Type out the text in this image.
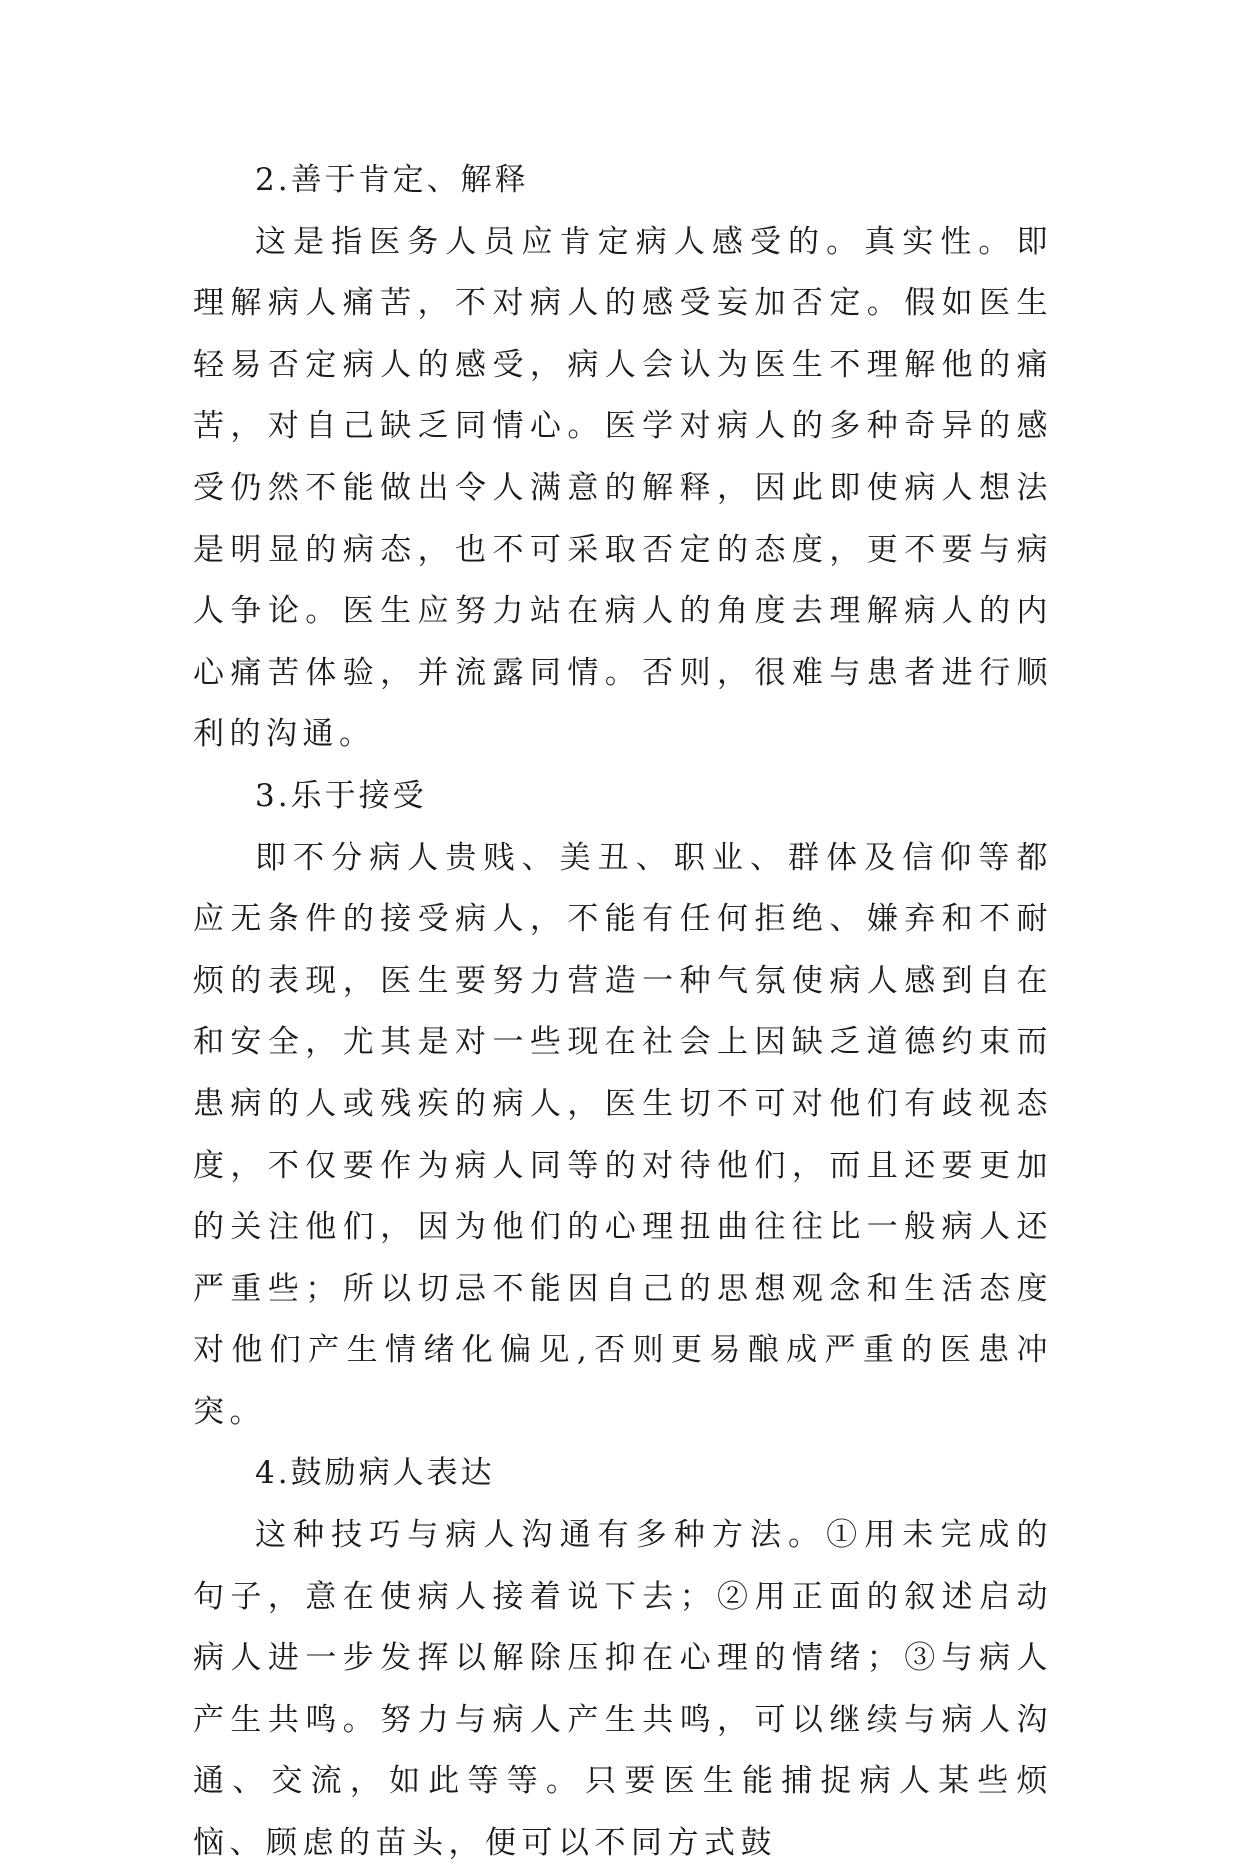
2.善于肯定、解释

这是指医务人员应肯定病人感受的。真实性。即理解病人痛苦，不对病人的感受妄加否定。假如医生轻易否定病人的感受，病人会认为医生不理解他的痛苦，对自己缺乏同情心。医学对病人的多种奇异的感受仍然不能做出令人满意的解释，因此即使病人想法是明显的病态，也不可采取否定的态度，更不要与病人争论。医生应努力站在病人的角度去理解病人的内心痛苦体验，并流露同情。否则，很难与患者进行顺利的沟通。

3.乐于接受

即不分病人贵贱、美丑、职业、群体及信仰等都应无条件的接受病人，不能有任何拒绝、嫌弃和不耐烦的表现，医生要努力营造一种气氛使病人感到自在和安全，尤其是对一些现在社会上因缺乏道德约束而患病的人或残疾的病人，医生切不可对他们有歧视态度，不仅要作为病人同等的对待他们，而且还要更加的关注他们，因为他们的心理扭曲往往比一般病人还严重些；所以切忌不能因自己的思想观念和生活态度对他们产生情绪化偏见,否则更易酿成严重的医患冲突。

4.鼓励病人表达

这种技巧与病人沟通有多种方法。①用未完成的句子，意在使病人接着说下去；②用正面的叙述启动病人进一步发挥以解除压抑在心理的情绪；③与病人产生共鸣。努力与病人产生共鸣，可以继续与病人沟通、交流，如此等等。只要医生能捕捉病人某些烦恼、顾虑的苗头，便可以不同方式鼓
